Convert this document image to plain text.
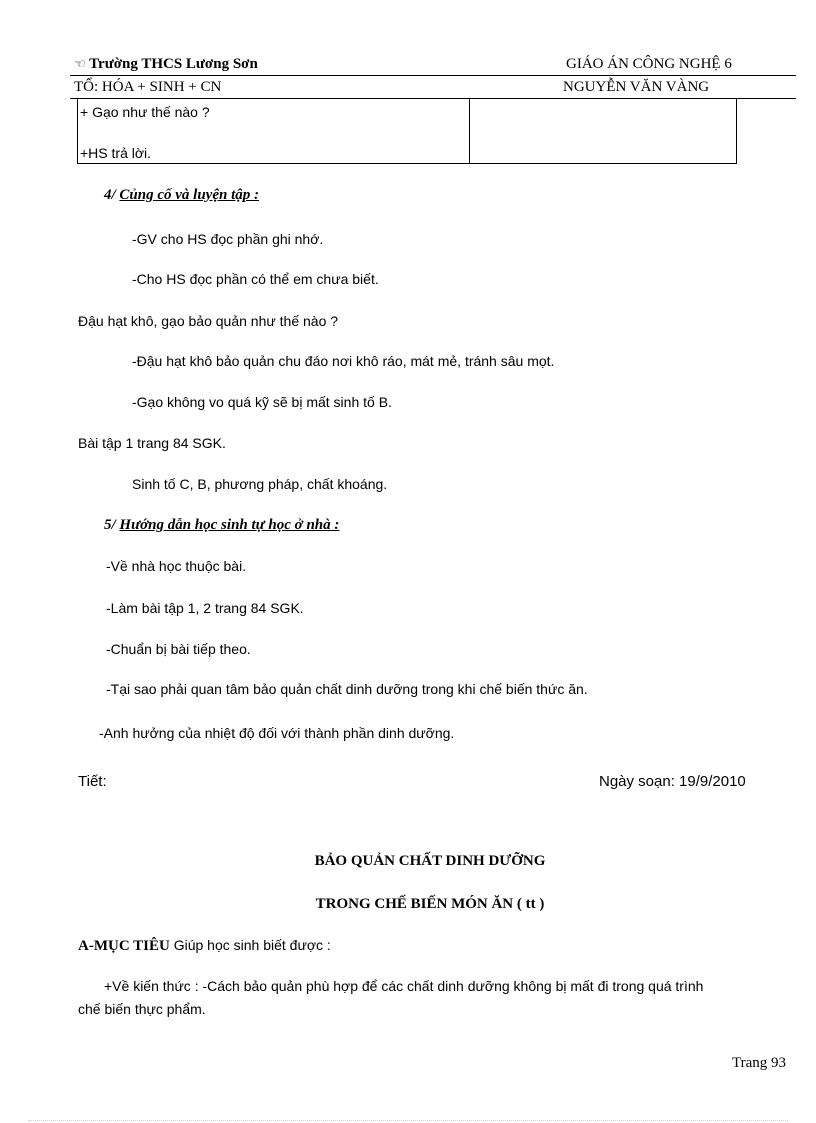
☜ Trường THCS Lương Sơn	GIÁO ÁN CÔNG NGHỆ 6
TỔ: HÓA + SINH + CN	NGUYỄN VĂN VÀNG
+ Gạo như thế nào ?
+HS trả lời.
4/ Củng cố và luyện tập :
-GV cho HS đọc phần ghi nhớ.
-Cho HS đọc phần có thể em chưa biết.
Đậu hạt khô, gạo bảo quản như thế nào ?
-Đậu hạt khô bảo quản chu đáo nơi khô ráo, mát mẻ, tránh sâu mọt.
-Gạo không vo quá kỹ sẽ bị mất sinh tố B.
Bài tập 1 trang 84 SGK.
Sinh tố C, B, phương pháp, chất khoáng.
5/ Hướng dẫn học sinh tự học ở nhà :
-Về nhà học thuộc bài.
-Làm bài tập 1, 2 trang 84 SGK.
-Chuẩn bị bài tiếp theo.
-Tại sao phải quan tâm bảo quản chất dinh dưỡng trong khi chế biến thức ăn.
-Anh hưởng của nhiệt độ đối với thành phần dinh dưỡng.
Tiết:	Ngày soạn: 19/9/2010
BẢO QUẢN CHẤT DINH DƯỠNG
TRONG CHẾ BIẾN MÓN ĂN ( tt )
A-MỤC TIÊU Giúp học sinh biết được :
+Về kiến thức : -Cách bảo quản phù hợp để các chất dinh dưỡng không bị mất đi trong quá trình
chế biến thực phẩm.
Trang 93
